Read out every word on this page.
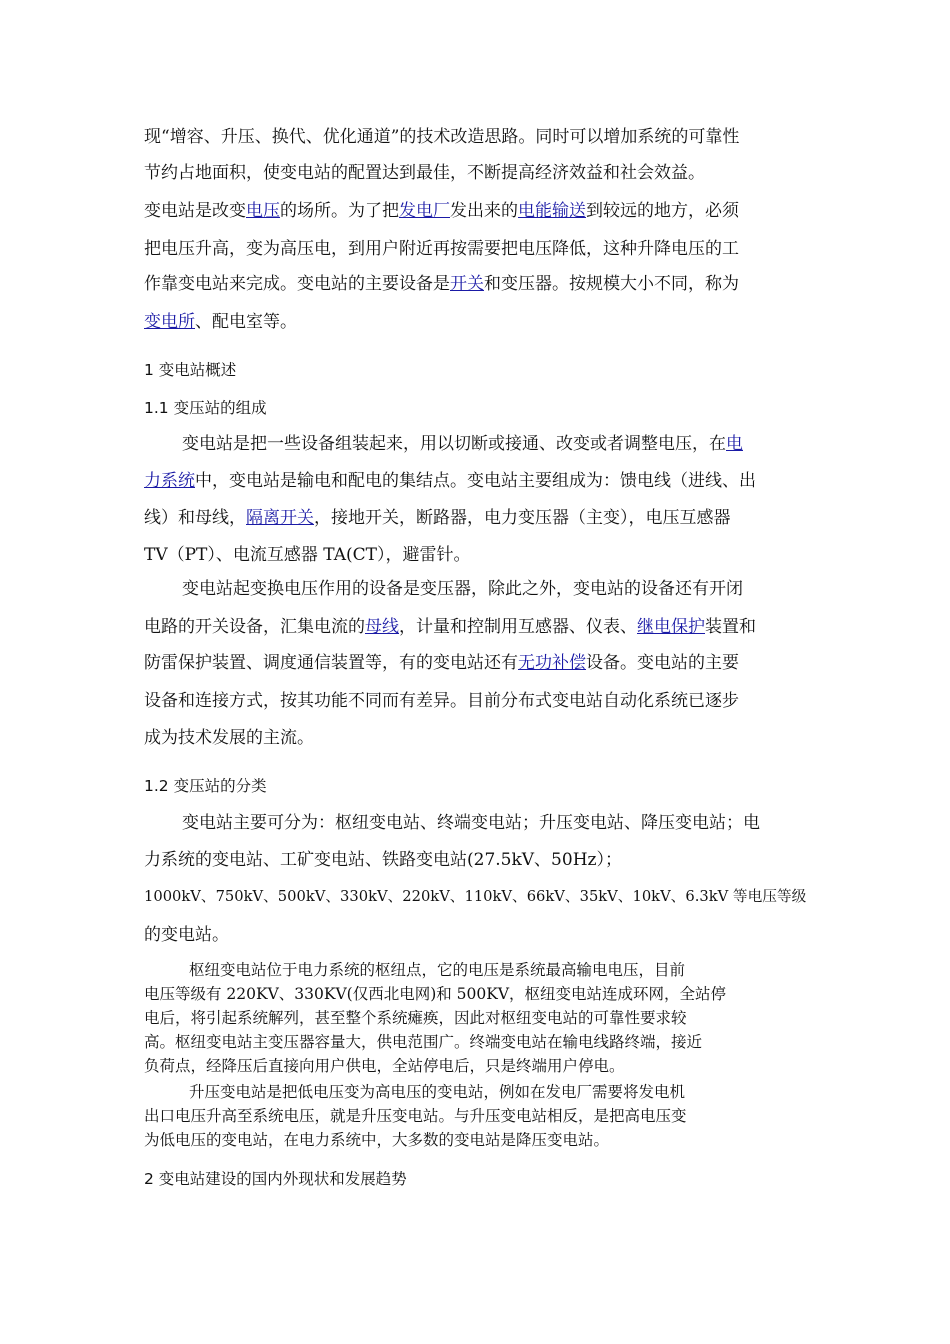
现“增容、升压、换代、优化通道”的技术改造思路。同时可以增加系统的可靠性
节约占地面积，使变电站的配置达到最佳，不断提高经济效益和社会效益。
变电站是改变电压的场所。为了把发电厂发出来的电能输送到较远的地方，必须
把电压升高，变为高压电，到用户附近再按需要把电压降低，这种升降电压的工
作靠变电站来完成。变电站的主要设备是开关和变压器。按规模大小不同，称为
变电所、配电室等。
1 变电站概述
1.1 变压站的组成
变电站是把一些设备组装起来，用以切断或接通、改变或者调整电压，在电
力系统中，变电站是输电和配电的集结点。变电站主要组成为：馈电线（进线、出
线）和母线，隔离开关，接地开关，断路器，电力变压器（主变），电压互感器
TV（PT）、电流互感器 TA(CT），避雷针。
变电站起变换电压作用的设备是变压器，除此之外，变电站的设备还有开闭
电路的开关设备，汇集电流的母线，计量和控制用互感器、仪表、继电保护装置和
防雷保护装置、调度通信装置等，有的变电站还有无功补偿设备。变电站的主要
设备和连接方式，按其功能不同而有差异。目前分布式变电站自动化系统已逐步
成为技术发展的主流。
1.2 变压站的分类
变电站主要可分为：枢纽变电站、终端变电站；升压变电站、降压变电站；电
力系统的变电站、工矿变电站、铁路变电站(27.5kV、50Hz）；
1000kV、750kV、500kV、330kV、220kV、110kV、66kV、35kV、10kV、6.3kV 等电压等级
的变电站。
枢纽变电站位于电力系统的枢纽点，它的电压是系统最高输电电压，目前
电压等级有 220KV、330KV(仅西北电网)和 500KV，枢纽变电站连成环网，全站停
电后，将引起系统解列，甚至整个系统瘫痪，因此对枢纽变电站的可靠性要求较
高。枢纽变电站主变压器容量大，供电范围广。终端变电站在输电线路终端，接近
负荷点，经降压后直接向用户供电，全站停电后，只是终端用户停电。
升压变电站是把低电压变为高电压的变电站，例如在发电厂需要将发电机
出口电压升高至系统电压，就是升压变电站。与升压变电站相反，是把高电压变
为低电压的变电站，在电力系统中，大多数的变电站是降压变电站。
2 变电站建设的国内外现状和发展趋势
